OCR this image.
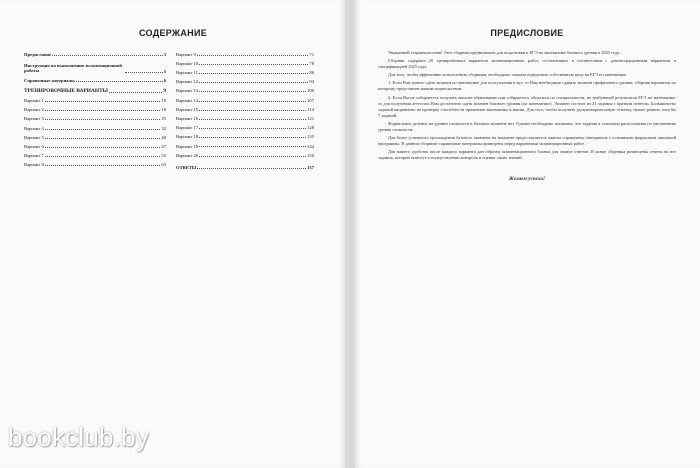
СОДЕРЖАНИЕ
Предисловие	3
Инструкция по выполнению экзаменационной работы	5
Справочные материалы	6
ТРЕНИРОВОЧНЫЕ ВАРИАНТЫ	9
Вариант 1	10
Вариант 2	18
Вариант 3	25
Вариант 4	32
Вариант 5	40
Вариант 6	47
Вариант 7	55
Вариант 8	63
Вариант 9	71
Вариант 10	78
Вариант 11	86
Вариант 12	93
Вариант 13	100
Вариант 14	107
Вариант 15	114
Вариант 16	121
Вариант 17	128
Вариант 18	135
Вариант 19	142
Вариант 20	150
ОТВЕТЫ	157
ПРЕДИСЛОВИЕ

Уважаемый старшеклассник! Этот сборник предназначен для подготовки к ЕГЭ по математике базового уровня в 2025 году.

Сборник содержит 20 тренировочных вариантов экзаменационных работ, составленных в соответствии с демонстрационным вариантом и спецификацией 2025 года.

Для того, чтобы эффективно использовать сборники, необходимо сначала определить собственную цель на ЕГЭ по математике.

1. Если Вам нужно сдать экзамен по математике для поступления в вуз, то Вам необходимо сдавать экзамен профильного уровня; сборник вариантов по которому представлен нашим издательством.

2. Если Вы не собираетесь получать высшее образование или собираетесь обучаться по специальности, не требующей результатов ЕГЭ по математике, то для получения аттестата Вам достаточно сдать экзамен базового уровня (по математике). Экзамен состоит из 21 задания с кратким ответом. Большинство заданий направлено на проверку способности применять математику в жизни. Для того, чтобы получить удовлетворительную отметку, нужно решить хотя бы 7 заданий.

Формальное деление на уровни сложности в базовом экзамене нет. Однако необходимо понимать, что задания в основном расположены по увеличению уровня сложности.

Для более успешного прохождения базового экзамена на экзамене предоставляется пакеты справочных материалов с основными формулами школьной программы. В данном сборнике справочные материалы приведены перед вариантами экзаменационных работ.

Для вашего удобства после каждого варианта дан образец экзаменационного бланка для записи ответов. В конце сборника размещены ответы на все задания, которые помогут в осуществлении контроля и оценки своих знаний.

Желаем успеха!

bookclub.by
